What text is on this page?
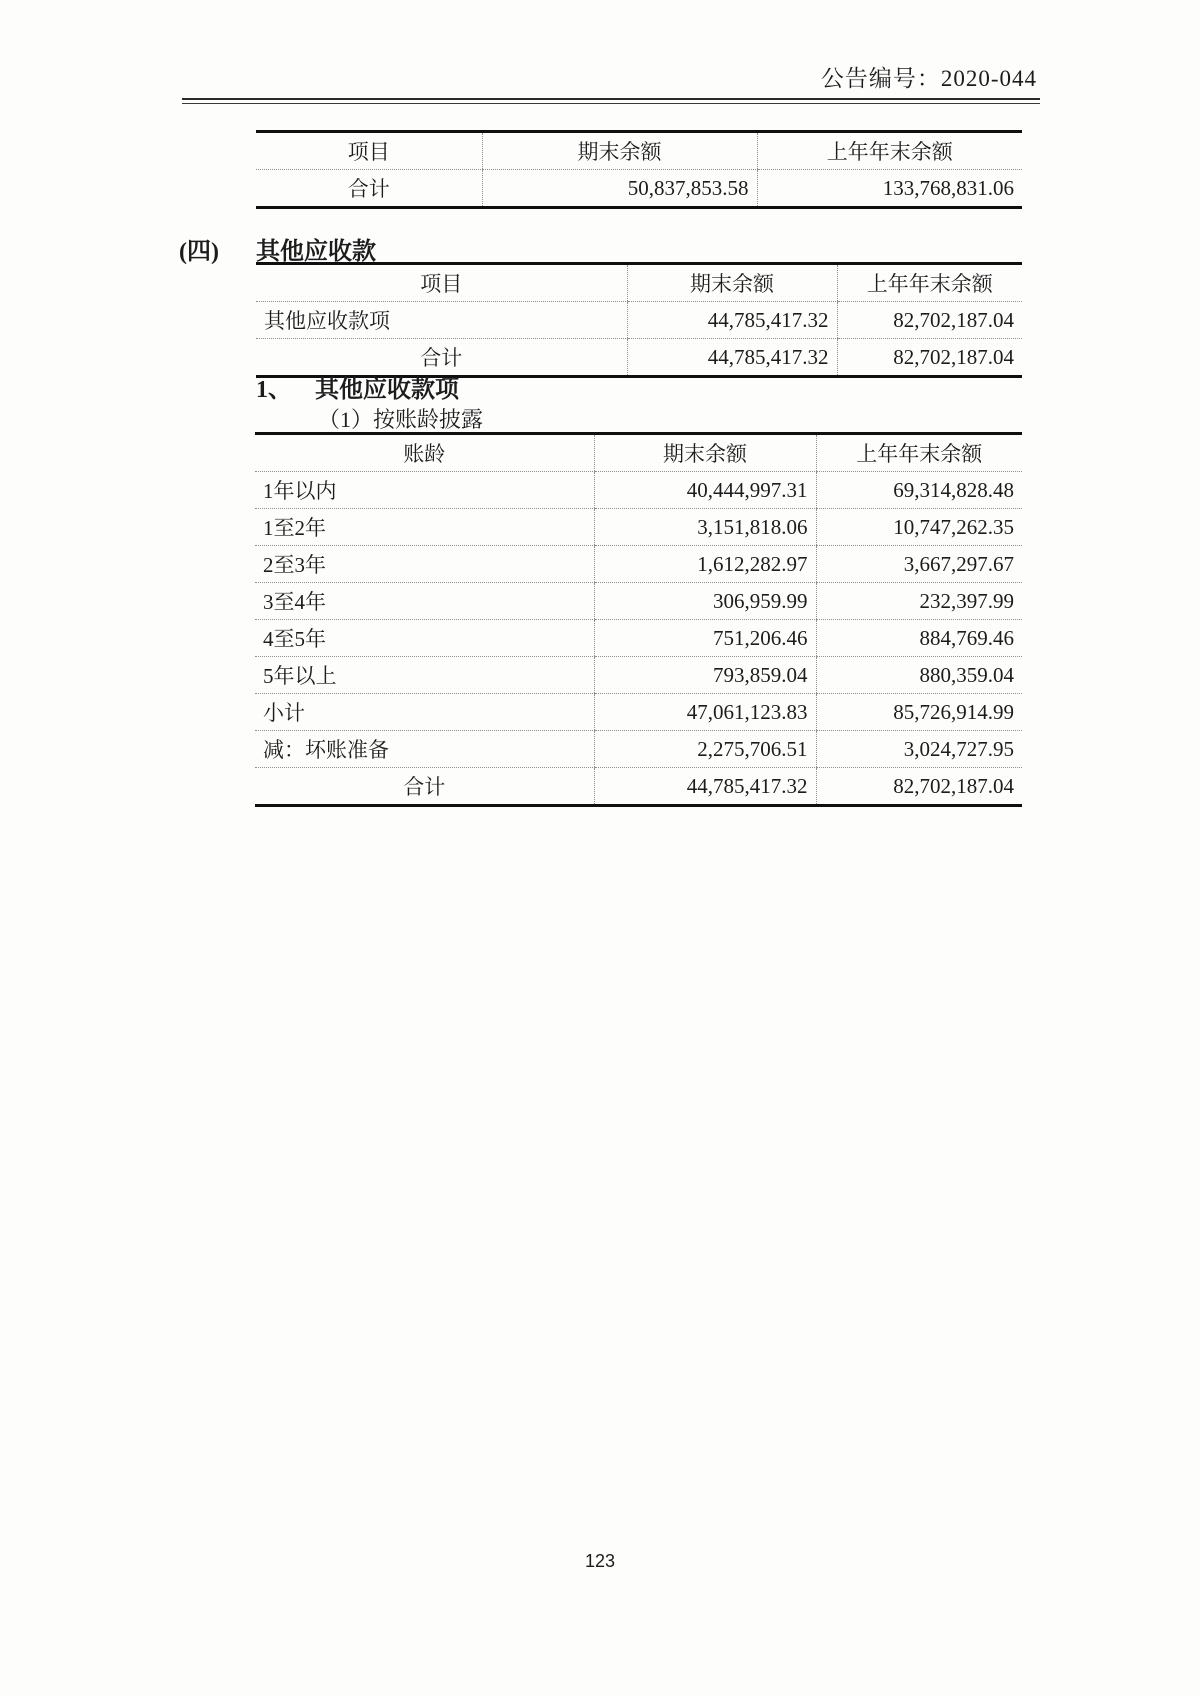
公告编号：2020-044
项目	期末余额	上年年末余额
合计	50,837,853.58	133,768,831.06
(四) 其他应收款
项目	期末余额	上年年末余额
其他应收款项	44,785,417.32	82,702,187.04
合计	44,785,417.32	82,702,187.04
1、 其他应收款项
（1）按账龄披露
账龄	期末余额	上年年末余额
1年以内	40,444,997.31	69,314,828.48
1至2年	3,151,818.06	10,747,262.35
2至3年	1,612,282.97	3,667,297.67
3至4年	306,959.99	232,397.99
4至5年	751,206.46	884,769.46
5年以上	793,859.04	880,359.04
小计	47,061,123.83	85,726,914.99
减：坏账准备	2,275,706.51	3,024,727.95
合计	44,785,417.32	82,702,187.04
123
